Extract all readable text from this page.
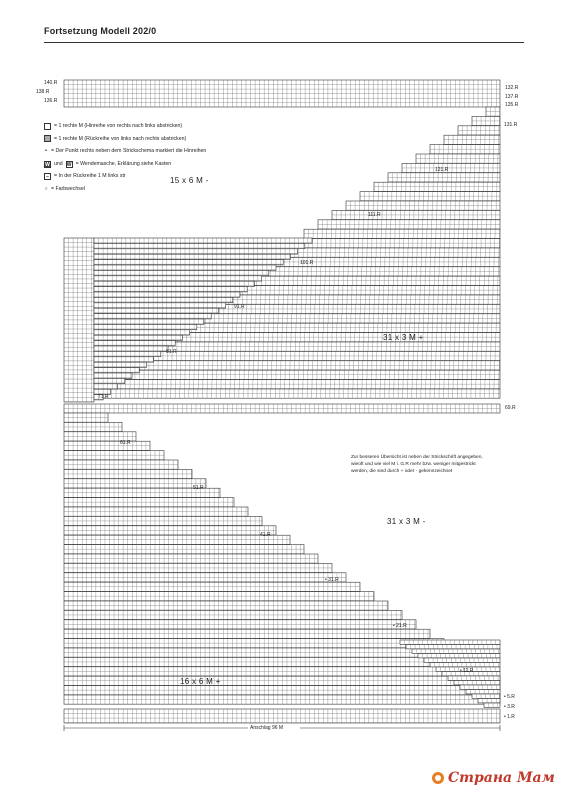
Fortsetzung Modell 202/0
= 1 rechte M (Hinreihe von rechts nach links abstricken)
= 1 rechte M (Rückreihe von links nach rechts abstricken)
• = Der Punkt rechts neben dem Strickschema markiert die Hinreihen
W und W = Wendemasche, Erklärung siehe Kasten
– = In der Rückreihe 1 M links str
○ = Farbwechsel
15 x 6 M -
31 x 3 M +
31 x 3 M -
16 x 6 M +
Zur besseren Übersicht ist neben der Strickschrift angegeben, wieoft und wie viel M i. G.R mehr bzw. weniger mitgestrickt werden, die sind durch + oder - gekennzeichnet
140.R
138.R
136.R
132.R
137.R
135.R
131.R
121.R
111.R
101.R
91.R
81.R
71.R
69.R
61.R
51.R
41.R
• 31.R
• 21.R
• 11.R
• 5.R
• 3.R
• 1.R
Anschlag 96 M
Страна Мам
